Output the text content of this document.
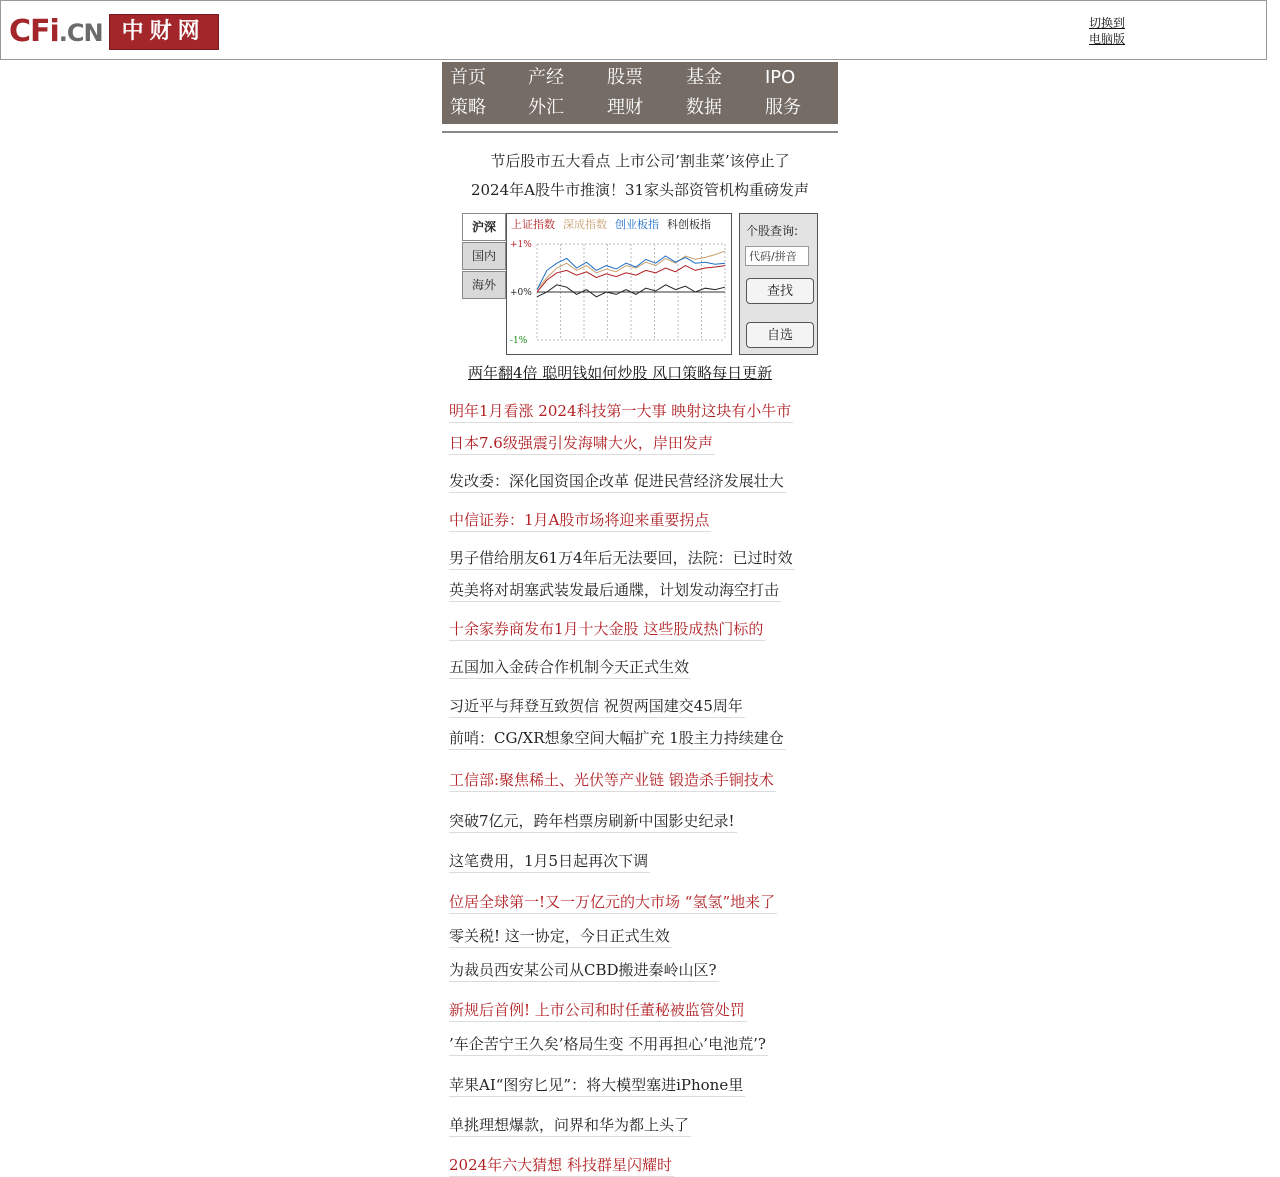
CFi.CN 中财网	切换到
电脑版
首页 产经 股票 基金 IPO
策略 外汇 理财 数据 服务
节后股市五大看点 上市公司’割韭菜’该停止了
2024年A股牛市推演！31家头部资管机构重磅发声
沪深
国内
海外
上证指数 深成指数 创业板指 科创板指
+1%
+0%
-1%
个股查询:
代码/拼音
查找
自选
两年翻4倍 聪明钱如何炒股 风口策略每日更新
明年1月看涨 2024科技第一大事 映射这块有小牛市
日本7.6级强震引发海啸大火，岸田发声
发改委：深化国资国企改革 促进民营经济发展壮大
中信证券：1月A股市场将迎来重要拐点
男子借给朋友61万4年后无法要回，法院：已过时效
英美将对胡塞武装发最后通牒，计划发动海空打击
十余家券商发布1月十大金股 这些股成热门标的
五国加入金砖合作机制今天正式生效
习近平与拜登互致贺信 祝贺两国建交45周年
前哨：CG/XR想象空间大幅扩充 1股主力持续建仓
工信部:聚焦稀土、光伏等产业链 锻造杀手锏技术
突破7亿元，跨年档票房刷新中国影史纪录!
这笔费用，1月5日起再次下调
位居全球第一!又一万亿元的大市场 “氢氢”地来了
零关税! 这一协定，今日正式生效
为裁员西安某公司从CBD搬进秦岭山区?
新规后首例! 上市公司和时任董秘被监管处罚
’车企苦宁王久矣’格局生变 不用再担心’电池荒’?
苹果AI“图穷匕见”：将大模型塞进iPhone里
单挑理想爆款，问界和华为都上头了
2024年六大猜想 科技群星闪耀时
